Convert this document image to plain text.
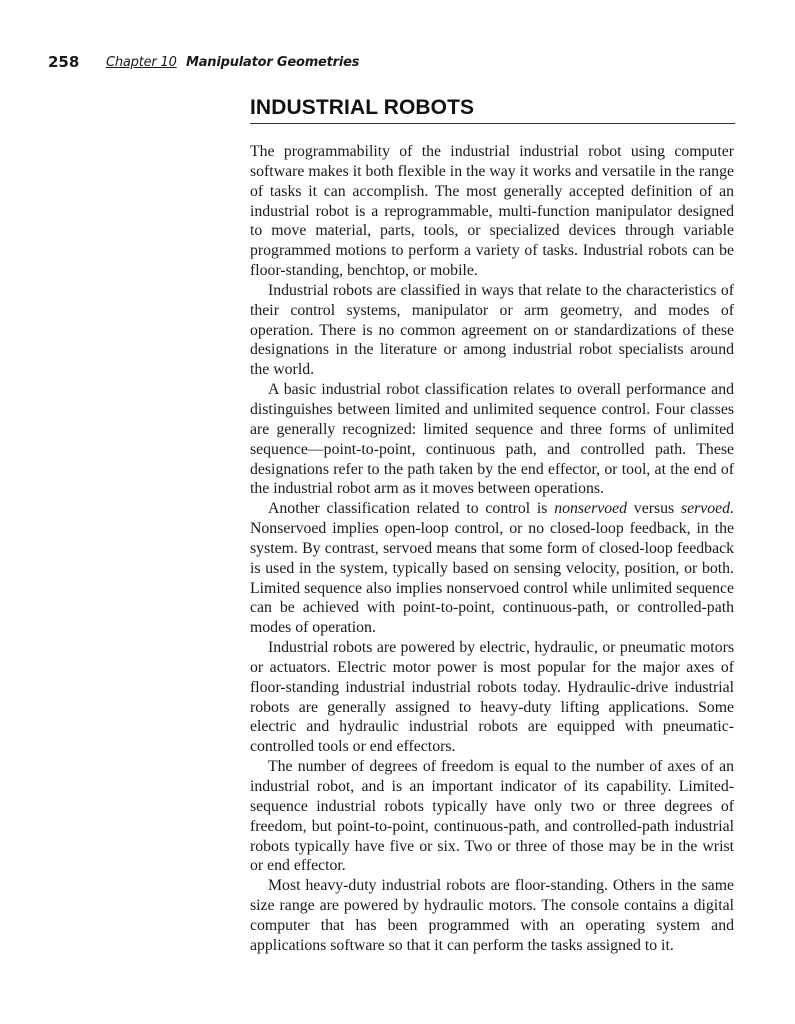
258 Chapter 10 Manipulator Geometries
INDUSTRIAL ROBOTS

The programmability of the industrial industrial robot using computer software makes it both flexible in the way it works and versatile in the range of tasks it can accomplish. The most generally accepted definition of an industrial robot is a reprogrammable, multi-function manipulator designed to move material, parts, tools, or specialized devices through variable programmed motions to perform a variety of tasks. Industrial robots can be floor-standing, benchtop, or mobile.

Industrial robots are classified in ways that relate to the characteristics of their control systems, manipulator or arm geometry, and modes of operation. There is no common agreement on or standardizations of these designations in the literature or among industrial robot specialists around the world.

A basic industrial robot classification relates to overall performance and distinguishes between limited and unlimited sequence control. Four classes are generally recognized: limited sequence and three forms of unlimited sequence—point-to-point, continuous path, and controlled path. These designations refer to the path taken by the end effector, or tool, at the end of the industrial robot arm as it moves between operations.

Another classification related to control is nonservoed versus servoed. Nonservoed implies open-loop control, or no closed-loop feedback, in the system. By contrast, servoed means that some form of closed-loop feedback is used in the system, typically based on sensing velocity, position, or both. Limited sequence also implies nonservoed control while unlimited sequence can be achieved with point-to-point, continuous-path, or controlled-path modes of operation.

Industrial robots are powered by electric, hydraulic, or pneumatic motors or actuators. Electric motor power is most popular for the major axes of floor-standing industrial industrial robots today. Hydraulic-drive industrial robots are generally assigned to heavy-duty lifting applications. Some electric and hydraulic industrial robots are equipped with pneumatic-controlled tools or end effectors.

The number of degrees of freedom is equal to the number of axes of an industrial robot, and is an important indicator of its capability. Limited-sequence industrial robots typically have only two or three degrees of freedom, but point-to-point, continuous-path, and controlled-path industrial robots typically have five or six. Two or three of those may be in the wrist or end effector.

Most heavy-duty industrial robots are floor-standing. Others in the same size range are powered by hydraulic motors. The console contains a digital computer that has been programmed with an operating system and applications software so that it can perform the tasks assigned to it.
